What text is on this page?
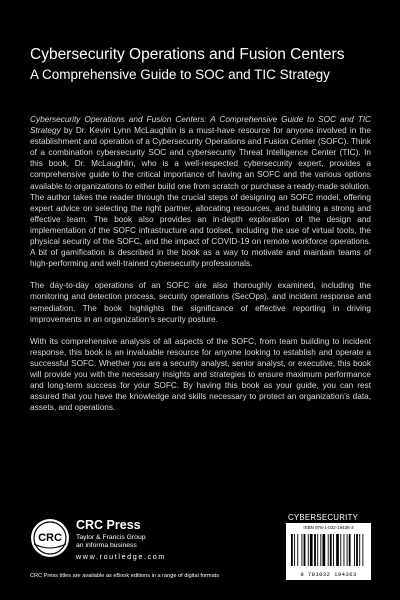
Cybersecurity Operations and Fusion Centers
A Comprehensive Guide to SOC and TIC Strategy

Cybersecurity Operations and Fusion Centers: A Comprehensive Guide to SOC and TIC Strategy by Dr. Kevin Lynn McLaughlin is a must-have resource for anyone involved in the establishment and operation of a Cybersecurity Operations and Fusion Center (SOFC). Think of a combination cybersecurity SOC and cybersecurity Threat Intelligence Center (TIC). In this book, Dr. McLaughlin, who is a well-respected cybersecurity expert, provides a comprehensive guide to the critical importance of having an SOFC and the various options available to organizations to either build one from scratch or purchase a ready-made solution. The author takes the reader through the crucial steps of designing an SOFC model, offering expert advice on selecting the right partner, allocating resources, and building a strong and effective team. The book also provides an in-depth exploration of the design and implementation of the SOFC infrastructure and toolset, including the use of virtual tools, the physical security of the SOFC, and the impact of COVID-19 on remote workforce operations. A bit of gamification is described in the book as a way to motivate and maintain teams of high-performing and well-trained cybersecurity professionals.

The day-to-day operations of an SOFC are also thoroughly examined, including the monitoring and detection process, security operations (SecOps), and incident response and remediation. The book highlights the significance of effective reporting in driving improvements in an organization’s security posture.

With its comprehensive analysis of all aspects of the SOFC, from team building to incident response, this book is an invaluable resource for anyone looking to establish and operate a successful SOFC. Whether you are a security analyst, senior analyst, or executive, this book will provide you with the necessary insights and strategies to ensure maximum performance and long-term success for your SOFC. By having this book as your guide, you can rest assured that you have the knowledge and skills necessary to protect an organization’s data, assets, and operations.

CRC
CRC Press
Taylor & Francis Group
an informa business
www.routledge.com
CRC Press titles are available as eBook editions in a range of digital formats
CYBERSECURITY
ISBN 978-1-032-19436-3
9 781032 194363
